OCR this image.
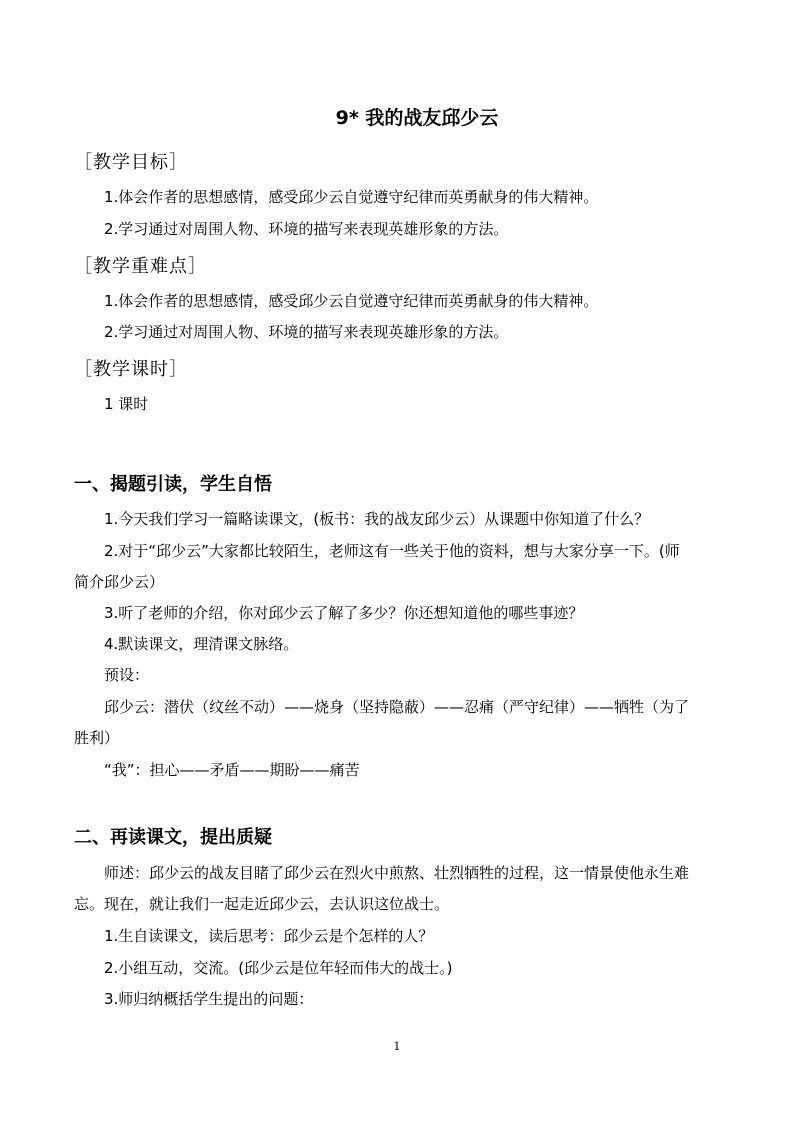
9* 我的战友邱少云
［教学目标］
1.体会作者的思想感情，感受邱少云自觉遵守纪律而英勇献身的伟大精神。
2.学习通过对周围人物、环境的描写来表现英雄形象的方法。
［教学重难点］
1.体会作者的思想感情，感受邱少云自觉遵守纪律而英勇献身的伟大精神。
2.学习通过对周围人物、环境的描写来表现英雄形象的方法。
［教学课时］
1 课时
一、揭题引读，学生自悟
1.今天我们学习一篇略读课文，(板书：我的战友邱少云）从课题中你知道了什么？
2.对于“邱少云”大家都比较陌生，老师这有一些关于他的资料，想与大家分享一下。(师
简介邱少云）
3.听了老师的介绍，你对邱少云了解了多少？你还想知道他的哪些事迹？
4.默读课文，理清课文脉络。
预设：
邱少云：潜伏（纹丝不动）——烧身（坚持隐蔽）——忍痛（严守纪律）——牺牲（为了
胜利）
“我”：担心——矛盾——期盼——痛苦
二、再读课文，提出质疑
师述：邱少云的战友目睹了邱少云在烈火中煎熬、壮烈牺牲的过程，这一情景使他永生难
忘。现在，就让我们一起走近邱少云，去认识这位战士。
1.生自读课文，读后思考：邱少云是个怎样的人？
2.小组互动，交流。(邱少云是位年轻而伟大的战士。)
3.师归纳概括学生提出的问题：
1
